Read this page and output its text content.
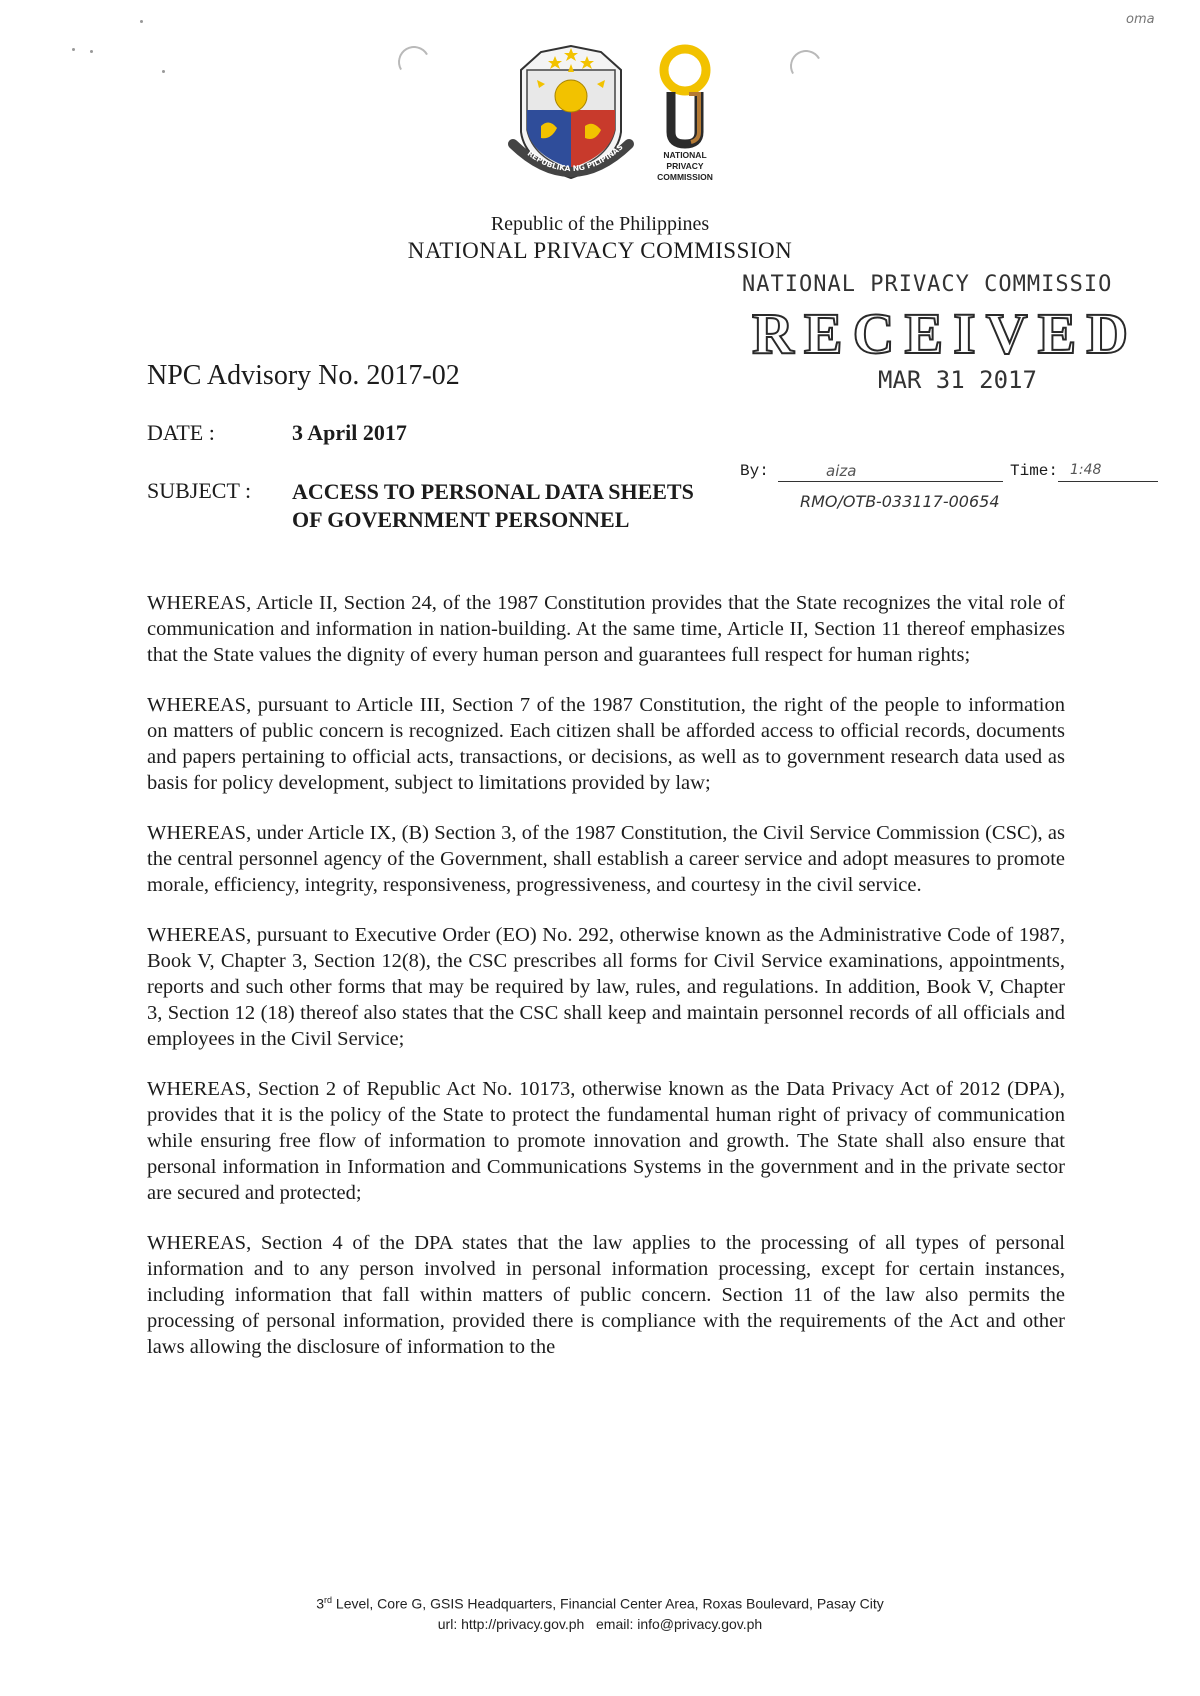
oma
REPUBLIKA NG PILIPINAS
NATIONAL
PRIVACY
COMMISSION
Republic of the Philippines
NATIONAL PRIVACY COMMISSION
NATIONAL PRIVACY COMMISSIO
RECEIVED
MAR 31 2017
By:	aiza	Time: 1:48
RMO/OTB-033117-00654
NPC Advisory No. 2017-02
DATE :	3 April 2017
SUBJECT : ACCESS TO PERSONAL DATA SHEETS
OF GOVERNMENT PERSONNEL

WHEREAS, Article II, Section 24, of the 1987 Constitution provides that the State recognizes the vital role of communication and information in nation-building. At the same time, Article II, Section 11 thereof emphasizes that the State values the dignity of every human person and guarantees full respect for human rights;

WHEREAS, pursuant to Article III, Section 7 of the 1987 Constitution, the right of the people to information on matters of public concern is recognized. Each citizen shall be afforded access to official records, documents and papers pertaining to official acts, transactions, or decisions, as well as to government research data used as basis for policy development, subject to limitations provided by law;

WHEREAS, under Article IX, (B) Section 3, of the 1987 Constitution, the Civil Service Commission (CSC), as the central personnel agency of the Government, shall establish a career service and adopt measures to promote morale, efficiency, integrity, responsiveness, progressiveness, and courtesy in the civil service.

WHEREAS, pursuant to Executive Order (EO) No. 292, otherwise known as the Administrative Code of 1987, Book V, Chapter 3, Section 12(8), the CSC prescribes all forms for Civil Service examinations, appointments, reports and such other forms that may be required by law, rules, and regulations. In addition, Book V, Chapter 3, Section 12 (18) thereof also states that the CSC shall keep and maintain personnel records of all officials and employees in the Civil Service;

WHEREAS, Section 2 of Republic Act No. 10173, otherwise known as the Data Privacy Act of 2012 (DPA), provides that it is the policy of the State to protect the fundamental human right of privacy of communication while ensuring free flow of information to promote innovation and growth. The State shall also ensure that personal information in Information and Communications Systems in the government and in the private sector are secured and protected;

WHEREAS, Section 4 of the DPA states that the law applies to the processing of all types of personal information and to any person involved in personal information processing, except for certain instances, including information that fall within matters of public concern. Section 11 of the law also permits the processing of personal information, provided there is compliance with the requirements of the Act and other laws allowing the disclosure of information to the

3rd Level, Core G, GSIS Headquarters, Financial Center Area, Roxas Boulevard, Pasay City
url: http://privacy.gov.ph email: info@privacy.gov.ph
